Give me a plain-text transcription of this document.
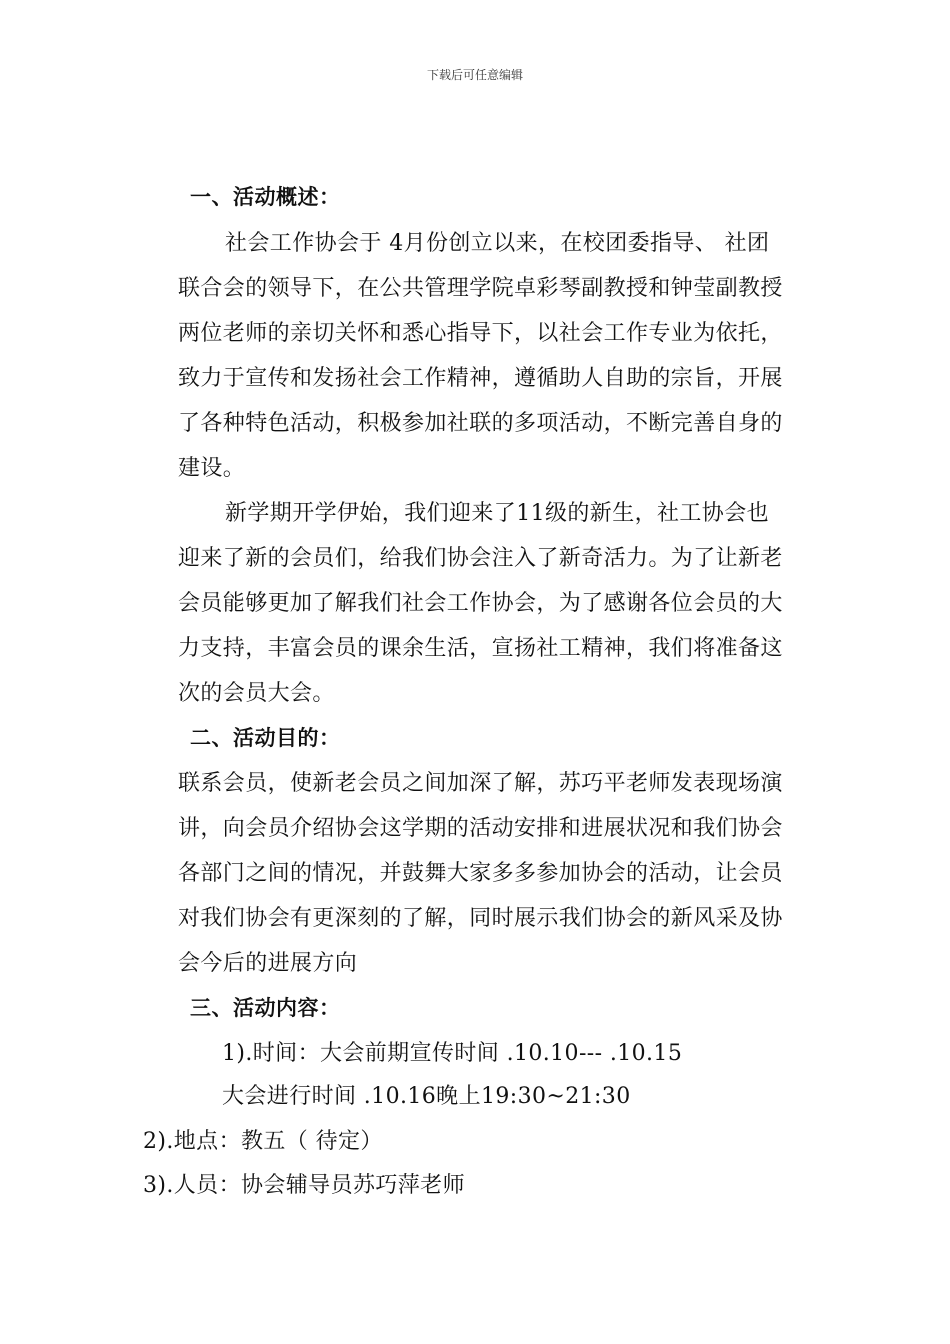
下载后可任意编辑
一、活动概述：
社会工作协会于 4月份创立以来，在校团委指导、 社团
联合会的领导下，在公共管理学院卓彩琴副教授和钟莹副教授
两位老师的亲切关怀和悉心指导下，以社会工作专业为依托，
致力于宣传和发扬社会工作精神，遵循助人自助的宗旨，开展
了各种特色活动，积极参加社联的多项活动，不断完善自身的
建设。
新学期开学伊始，我们迎来了11级的新生，社工协会也
迎来了新的会员们，给我们协会注入了新奇活力。为了让新老
会员能够更加了解我们社会工作协会，为了感谢各位会员的大
力支持，丰富会员的课余生活，宣扬社工精神，我们将准备这
次的会员大会。
二、活动目的：
联系会员，使新老会员之间加深了解，苏巧平老师发表现场演
讲，向会员介绍协会这学期的活动安排和进展状况和我们协会
各部门之间的情况，并鼓舞大家多多参加协会的活动，让会员
对我们协会有更深刻的了解，同时展示我们协会的新风采及协
会今后的进展方向
三、活动内容：
1).时间：大会前期宣传时间 .10.10--- .10.15
大会进行时间 .10.16晚上19:30~21:30
2).地点：教五（ 待定）
3).人员：协会辅导员苏巧萍老师
